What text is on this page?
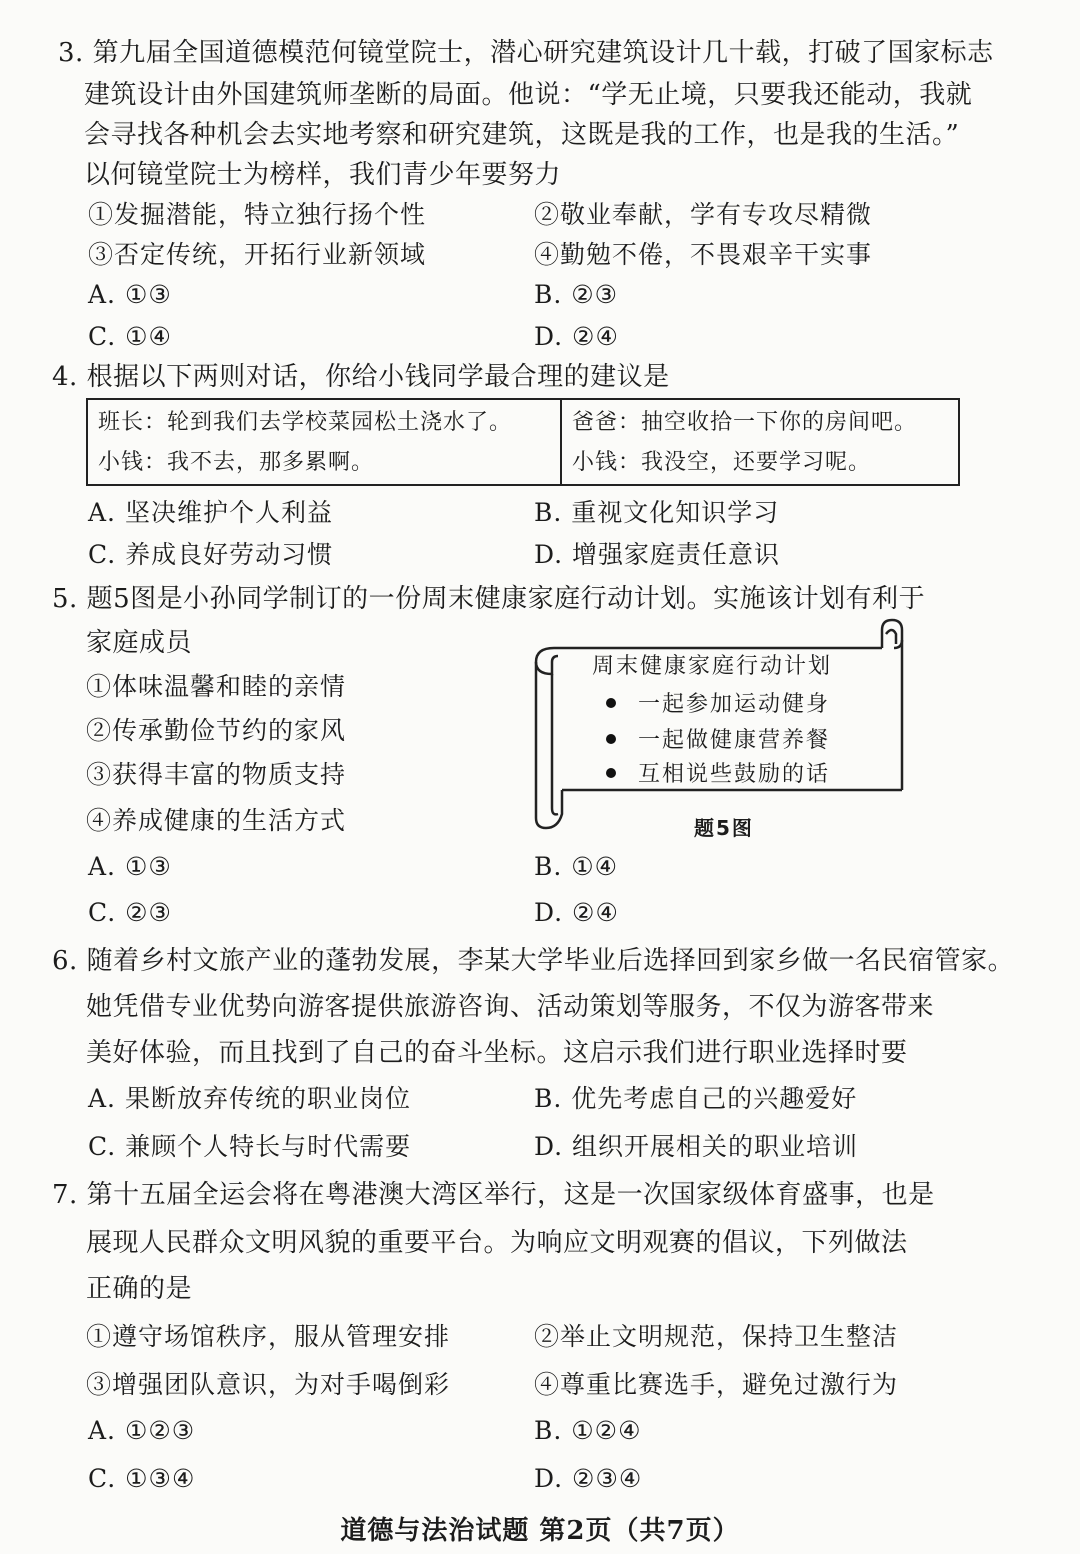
3. 第九届全国道德模范何镜堂院士，潜心研究建筑设计几十载，打破了国家标志
建筑设计由外国建筑师垄断的局面。他说：“学无止境，只要我还能动，我就
会寻找各种机会去实地考察和研究建筑，这既是我的工作，也是我的生活。”
以何镜堂院士为榜样，我们青少年要努力
①发掘潜能，特立独行扬个性	②敬业奉献，学有专攻尽精微
③否定传统，开拓行业新领域	④勤勉不倦，不畏艰辛干实事
A. ①③	B. ②③
C. ①④	D. ②④
4. 根据以下两则对话，你给小钱同学最合理的建议是
班长：轮到我们去学校菜园松土浇水了。
小钱：我不去，那多累啊。
爸爸：抽空收拾一下你的房间吧。
小钱：我没空，还要学习呢。
A. 坚决维护个人利益	B. 重视文化知识学习
C. 养成良好劳动习惯	D. 增强家庭责任意识
5. 题5图是小孙同学制订的一份周末健康家庭行动计划。实施该计划有利于
家庭成员
①体味温馨和睦的亲情
②传承勤俭节约的家风
③获得丰富的物质支持
④养成健康的生活方式
周末健康家庭行动计划
一起参加运动健身
一起做健康营养餐
互相说些鼓励的话
题5图
A. ①③	B. ①④
C. ②③	D. ②④
6. 随着乡村文旅产业的蓬勃发展，李某大学毕业后选择回到家乡做一名民宿管家。
她凭借专业优势向游客提供旅游咨询、活动策划等服务，不仅为游客带来
美好体验，而且找到了自己的奋斗坐标。这启示我们进行职业选择时要
A. 果断放弃传统的职业岗位	B. 优先考虑自己的兴趣爱好
C. 兼顾个人特长与时代需要	D. 组织开展相关的职业培训
7. 第十五届全运会将在粤港澳大湾区举行，这是一次国家级体育盛事，也是
展现人民群众文明风貌的重要平台。为响应文明观赛的倡议，下列做法
正确的是
①遵守场馆秩序，服从管理安排	②举止文明规范，保持卫生整洁
③增强团队意识，为对手喝倒彩	④尊重比赛选手，避免过激行为
A. ①②③	B. ①②④
C. ①③④	D. ②③④
道德与法治试题 第2页（共7页）
